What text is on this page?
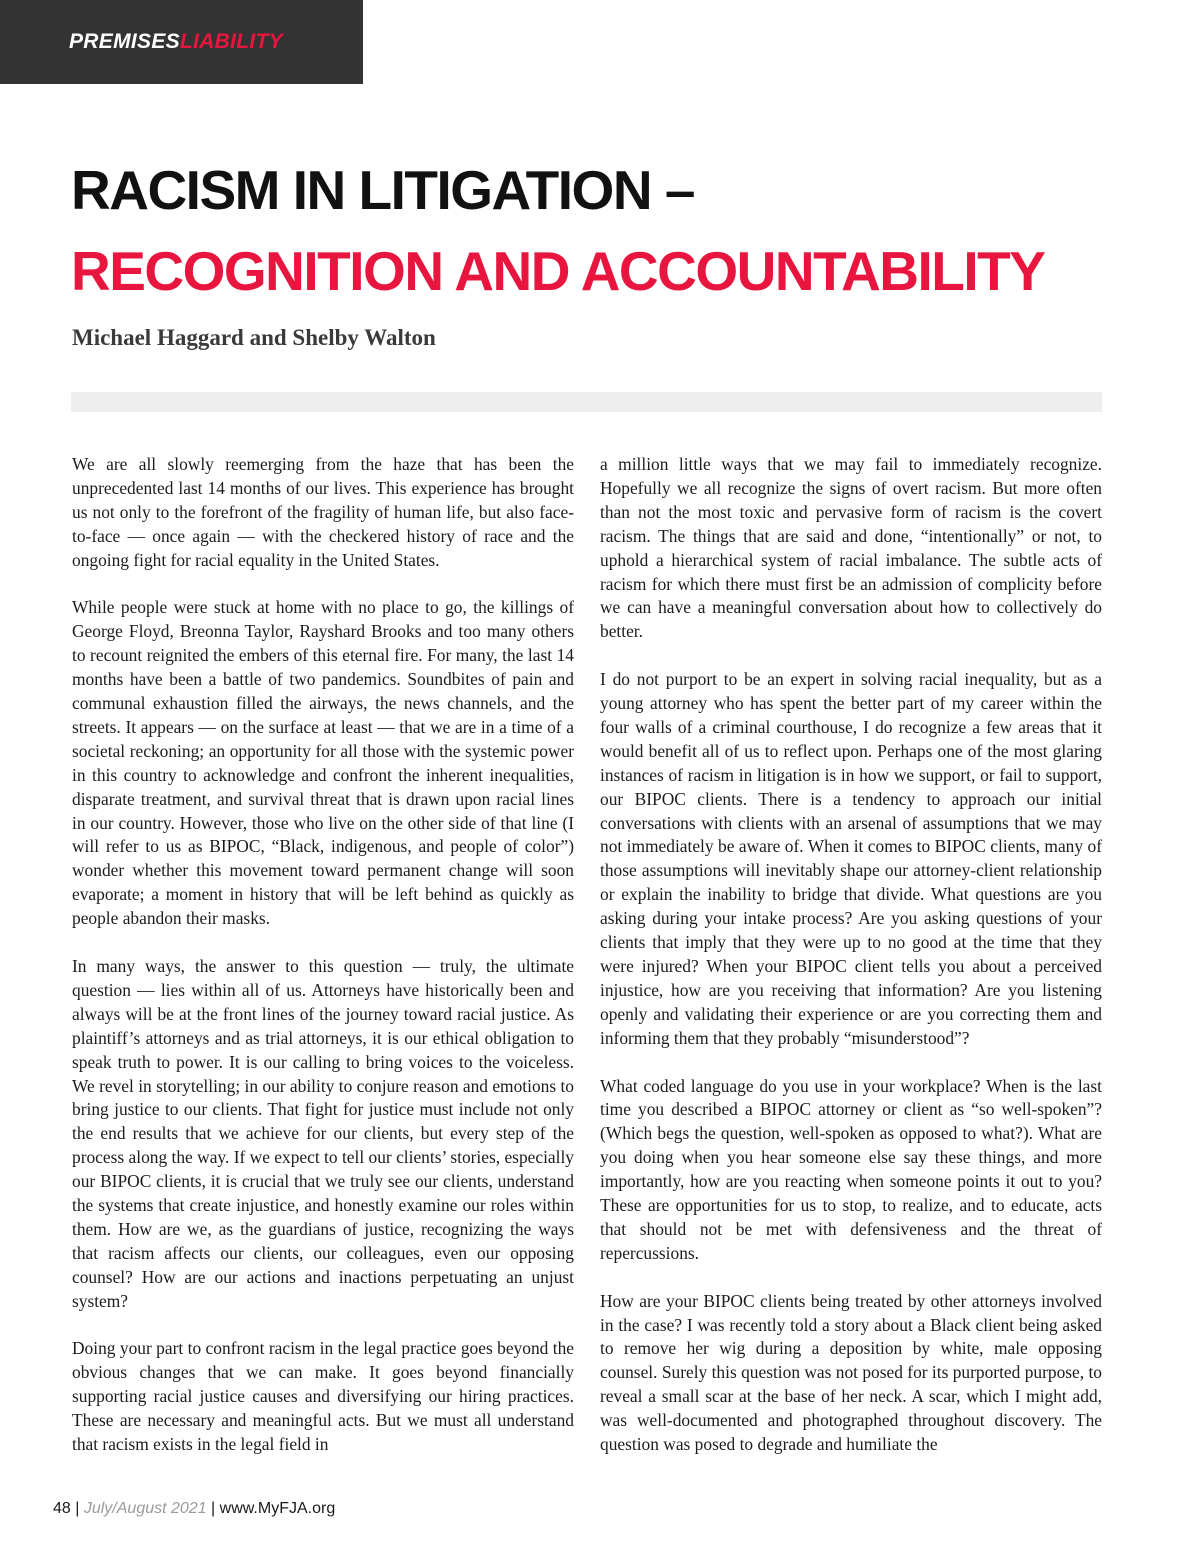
PREMISESLIABILITY
RACISM IN LITIGATION –
RECOGNITION AND ACCOUNTABILITY
Michael Haggard and Shelby Walton

We are all slowly reemerging from the haze that has been the unprecedented last 14 months of our lives. This experience has brought us not only to the forefront of the fragility of human life, but also face-to-face — once again — with the checkered history of race and the ongoing fight for racial equality in the United States.

While people were stuck at home with no place to go, the killings of George Floyd, Breonna Taylor, Rayshard Brooks and too many others to recount reignited the embers of this eternal fire. For many, the last 14 months have been a battle of two pandemics. Soundbites of pain and communal exhaustion filled the airways, the news channels, and the streets. It appears — on the surface at least — that we are in a time of a societal reckoning; an opportunity for all those with the systemic power in this country to acknowledge and confront the inherent inequalities, disparate treatment, and survival threat that is drawn upon racial lines in our country. However, those who live on the other side of that line (I will refer to us as BIPOC, “Black, indigenous, and people of color”) wonder whether this movement toward permanent change will soon evaporate; a moment in history that will be left behind as quickly as people abandon their masks.

In many ways, the answer to this question — truly, the ultimate question — lies within all of us. Attorneys have historically been and always will be at the front lines of the journey toward racial justice. As plaintiff’s attorneys and as trial attorneys, it is our ethical obligation to speak truth to power. It is our calling to bring voices to the voiceless. We revel in storytelling; in our ability to conjure reason and emotions to bring justice to our clients. That fight for justice must include not only the end results that we achieve for our clients, but every step of the process along the way. If we expect to tell our clients’ stories, especially our BIPOC clients, it is crucial that we truly see our clients, understand the systems that create injustice, and honestly examine our roles within them. How are we, as the guardians of justice, recognizing the ways that racism affects our clients, our colleagues, even our opposing counsel? How are our actions and inactions perpetuating an unjust system?

Doing your part to confront racism in the legal practice goes beyond the obvious changes that we can make. It goes beyond financially supporting racial justice causes and diversifying our hiring practices. These are necessary and meaningful acts. But we must all understand that racism exists in the legal field in

a million little ways that we may fail to immediately recognize. Hopefully we all recognize the signs of overt racism. But more often than not the most toxic and pervasive form of racism is the covert racism. The things that are said and done, “intentionally” or not, to uphold a hierarchical system of racial imbalance. The subtle acts of racism for which there must first be an admission of complicity before we can have a meaningful conversation about how to collectively do better.

I do not purport to be an expert in solving racial inequality, but as a young attorney who has spent the better part of my career within the four walls of a criminal courthouse, I do recognize a few areas that it would benefit all of us to reflect upon. Perhaps one of the most glaring instances of racism in litigation is in how we support, or fail to support, our BIPOC clients. There is a tendency to approach our initial conversations with clients with an arsenal of assumptions that we may not immediately be aware of. When it comes to BIPOC clients, many of those assumptions will inevitably shape our attorney-client relationship or explain the inability to bridge that divide. What questions are you asking during your intake process? Are you asking questions of your clients that imply that they were up to no good at the time that they were injured? When your BIPOC client tells you about a perceived injustice, how are you receiving that information? Are you listening openly and validating their experience or are you correcting them and informing them that they probably “misunderstood”?

What coded language do you use in your workplace? When is the last time you described a BIPOC attorney or client as “so well-spoken”? (Which begs the question, well-spoken as opposed to what?). What are you doing when you hear someone else say these things, and more importantly, how are you reacting when someone points it out to you? These are opportunities for us to stop, to realize, and to educate, acts that should not be met with defensiveness and the threat of repercussions.

How are your BIPOC clients being treated by other attorneys involved in the case? I was recently told a story about a Black client being asked to remove her wig during a deposition by white, male opposing counsel. Surely this question was not posed for its purported purpose, to reveal a small scar at the base of her neck. A scar, which I might add, was well-documented and photographed throughout discovery. The question was posed to degrade and humiliate the

48 | July/August 2021 | www.MyFJA.org
